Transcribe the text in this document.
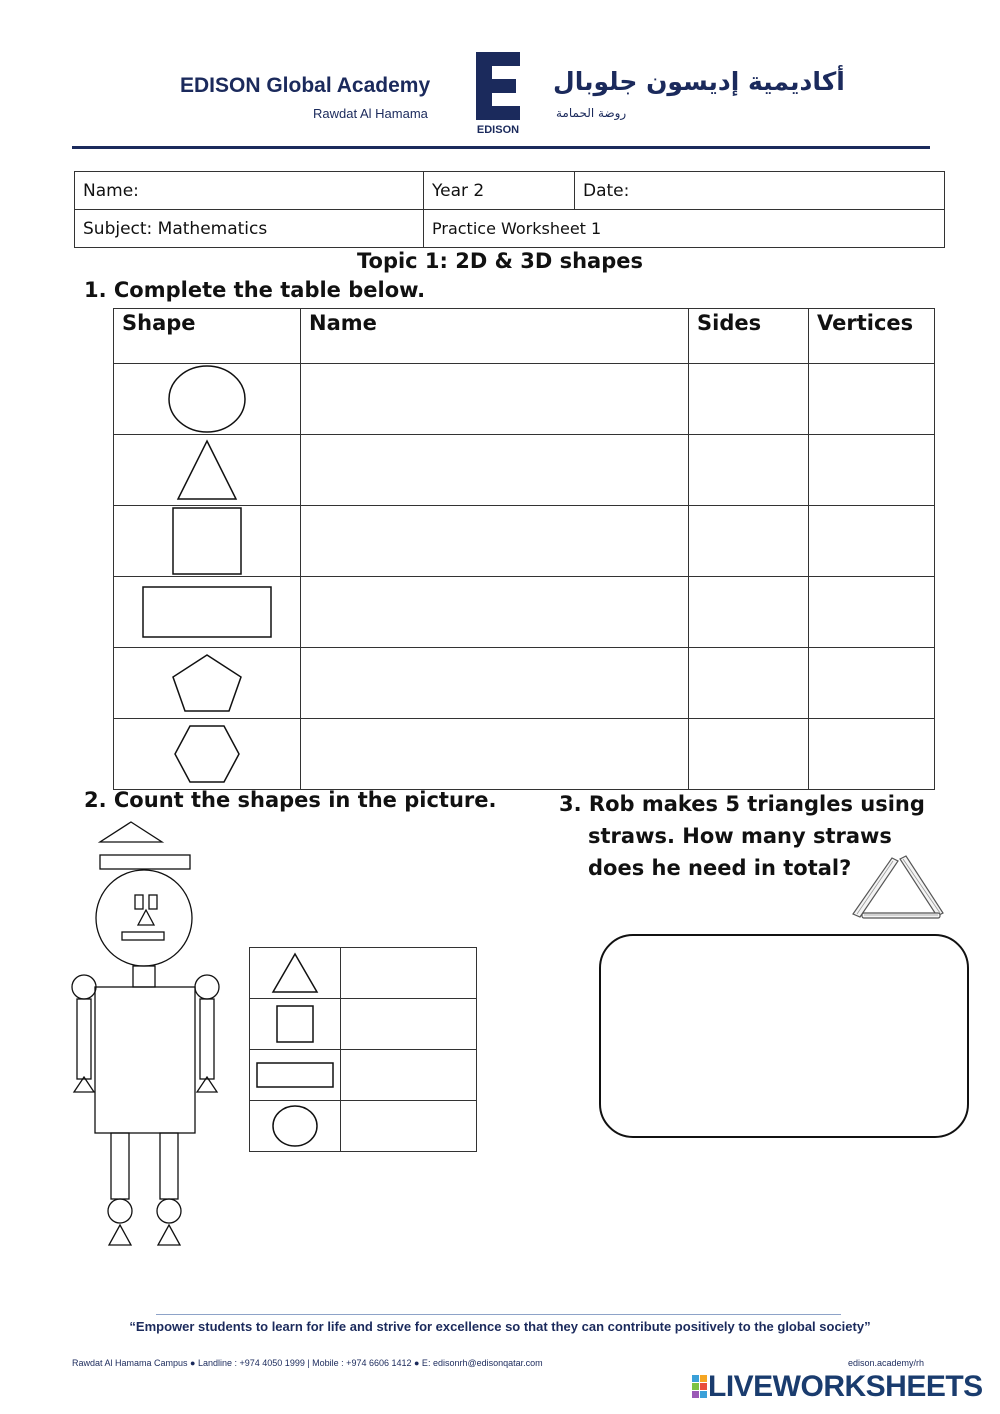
EDISON Global Academy
Rawdat Al Hamama
EDISON
أكاديمية إديسون جلوبال
روضة الحمامة
Name:	Year 2	Date:
Subject: Mathematics	Practice Worksheet 1	
Topic 1: 2D & 3D shapes
1. Complete the table below.
Shape	Name	Sides	Vertices

2. Count the shapes in the picture.	3. Rob makes 5 triangles using
straws. How many straws
does he need in total?

“Empower students to learn for life and strive for excellence so that they can contribute positively to the global society”
Rawdat Al Hamama Campus ● Landline : +974 4050 1999 | Mobile : +974 6606 1412 ● E: edisonrh@edisonqatar.com	edison.academy/rh
LIVEWORKSHEETS
